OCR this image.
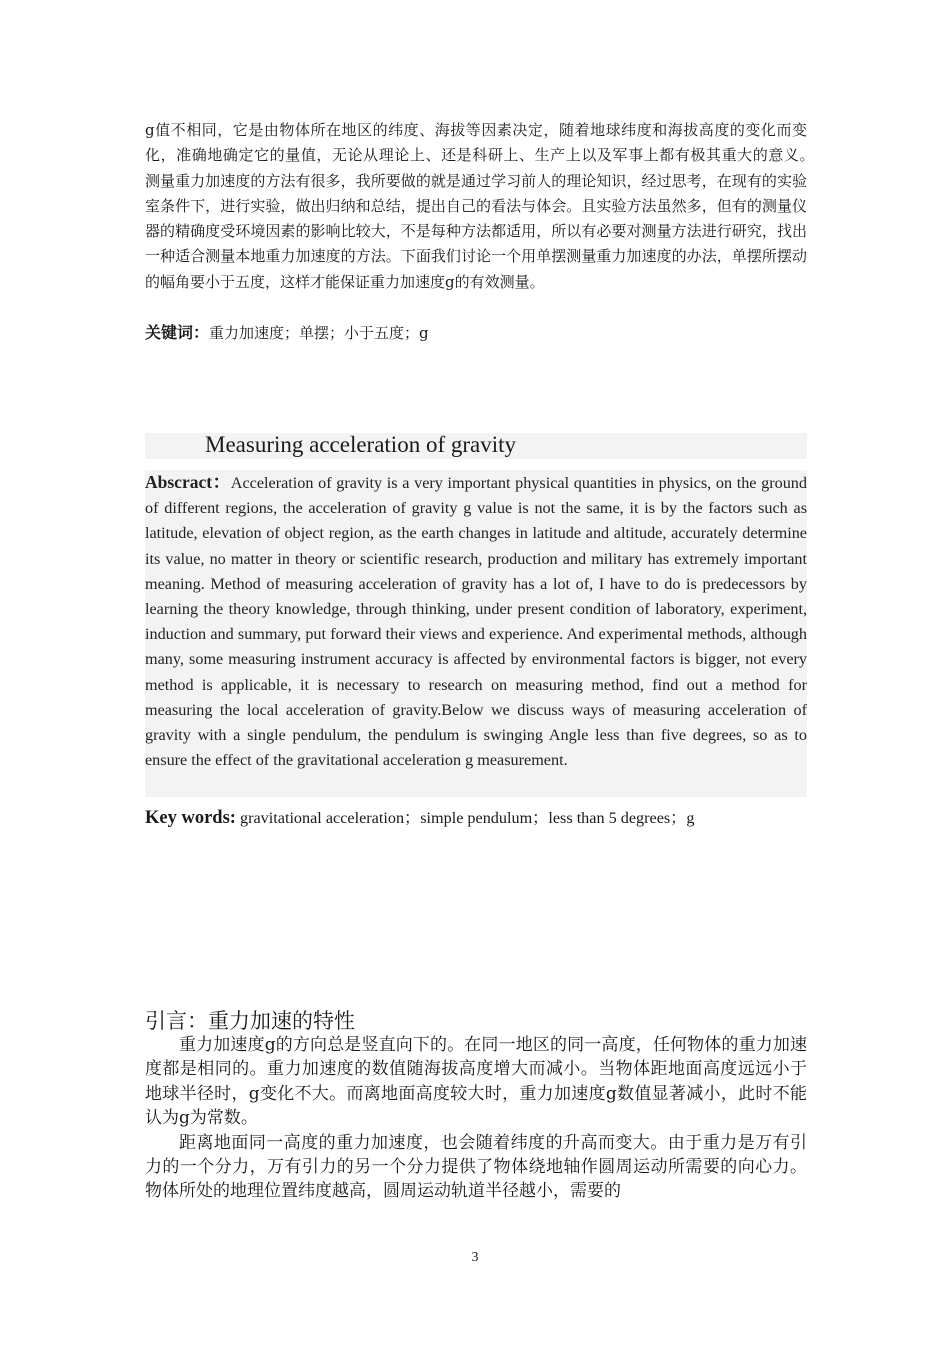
g值不相同，它是由物体所在地区的纬度、海拔等因素决定，随着地球纬度和海拔高度的变化而变化，准确地确定它的量值，无论从理论上、还是科研上、生产上以及军事上都有极其重大的意义。　测量重力加速度的方法有很多，我所要做的就是通过学习前人的理论知识，经过思考，在现有的实验室条件下，进行实验，做出归纳和总结，提出自己的看法与体会。且实验方法虽然多，但有的测量仪器的精确度受环境因素的影响比较大，不是每种方法都适用，所以有必要对测量方法进行研究，找出一种适合测量本地重力加速度的方法。下面我们讨论一个用单摆测量重力加速度的办法，单摆所摆动的幅角要小于五度，这样才能保证重力加速度g的有效测量。
关键词：重力加速度；单摆；小于五度；g
Measuring acceleration of gravity

Abscract：Acceleration of gravity is a very important physical quantities in physics, on the ground of different regions, the acceleration of gravity g value is not the same, it is by the factors such as latitude, elevation of object region, as the earth changes in latitude and altitude, accurately determine its value, no matter in theory or scientific research, production and military has extremely important meaning. Method of measuring acceleration of gravity has a lot of, I have to do is predecessors by learning the theory knowledge, through thinking, under present condition of laboratory, experiment, induction and summary, put forward their views and experience. And experimental methods, although many, some measuring instrument accuracy is affected by environmental factors is bigger, not every method is applicable, it is necessary to research on measuring method, find out a method for measuring the local acceleration of gravity.Below we discuss ways of measuring acceleration of gravity with a single pendulum, the pendulum is swinging Angle less than five degrees, so as to ensure the effect of the gravitational acceleration g measurement.

Key words: gravitational acceleration；simple pendulum；less than 5 degrees；g
引言：重力加速的特性

重力加速度g的方向总是竖直向下的。在同一地区的同一高度，任何物体的重力加速度都是相同的。重力加速度的数值随海拔高度增大而减小。当物体距地面高度远远小于地球半径时，g变化不大。而离地面高度较大时，重力加速度g数值显著减小，此时不能认为g为常数。

距离地面同一高度的重力加速度，也会随着纬度的升高而变大。由于重力是万有引力的一个分力，万有引力的另一个分力提供了物体绕地轴作圆周运动所需要的向心力。物体所处的地理位置纬度越高，圆周运动轨道半径越小，需要的

3
